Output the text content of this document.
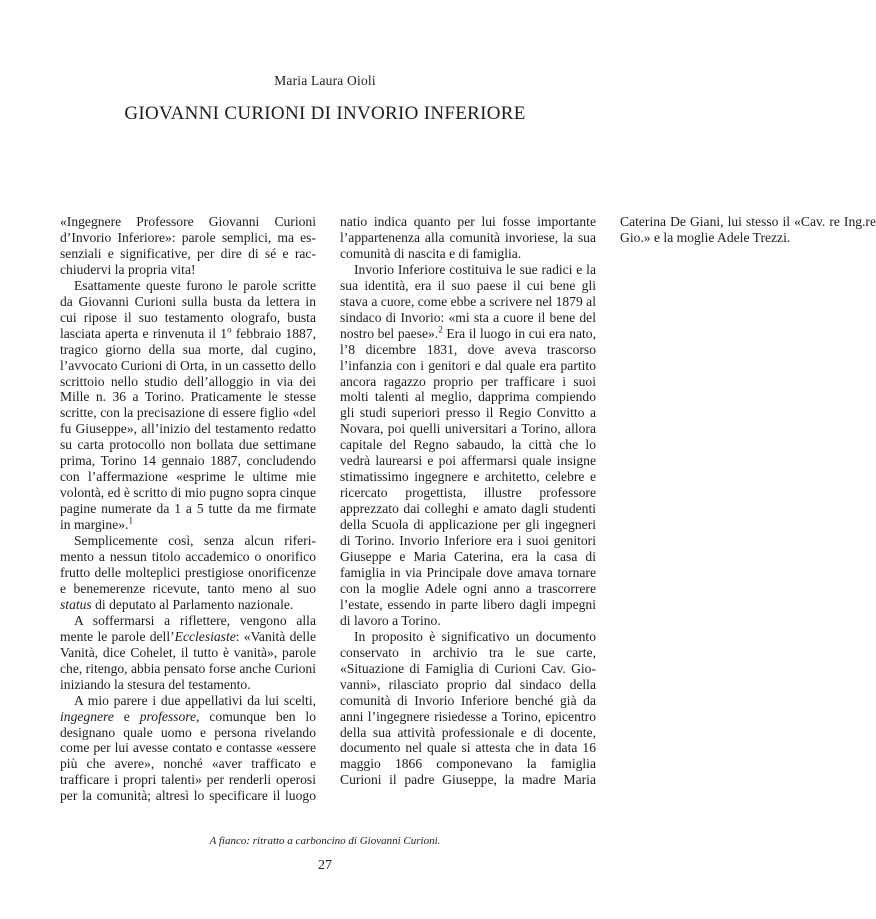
Maria Laura Oioli
GIOVANNI CURIONI DI INVORIO INFERIORE

«Ingegnere Professore Giovanni Curioni d’Invorio Inferiore»: parole semplici, ma essenziali e significative, per dire di sé e racchiudervi la propria vita!

Esattamente queste furono le parole scritte da Giovanni Curioni sulla busta da lettera in cui ripose il suo testamento olografo, busta lasciata aperta e rinvenuta il 1$^o$ febbraio 1887, tragico giorno della sua morte, dal cugino, l’avvocato Curioni di Orta, in un cassetto dello scrittoio nello studio dell’alloggio in via dei Mille n. 36 a Torino. Praticamente le stesse scritte, con la precisazione di essere figlio «del fu Giuseppe», all’inizio del testamento redatto su carta protocollo non bollata due settimane prima, Torino 14 gennaio 1887, concludendo con l’affermazione «esprime le ultime mie volontà, ed è scritto di mio pugno sopra cinque pagine numerate da 1 a 5 tutte da me firmate in margine».$^1$

Semplicemente così, senza alcun riferimento a nessun titolo accademico o onorifico frutto delle molteplici prestigiose onorificenze e benemerenze ricevute, tanto meno al suo status di deputato al Parlamento nazionale.

A soffermarsi a riflettere, vengono alla mente le parole dell’Ecclesiaste: «Vanità delle Vanità, dice Cohelet, il tutto è vanità», parole che, ritengo, abbia pensato forse anche Curioni iniziando la stesura del testamento.

A mio parere i due appellativi da lui scelti, ingegnere e professore, comunque ben lo designano quale uomo e persona rivelando come per lui avesse contato e contasse «essere più che avere», nonché «aver trafficato e trafficare i propri talenti» per renderli operosi per la comunità; altresì lo specificare il luogo natio indica quanto per lui fosse importante l’appartenenza alla comunità invoriese, la sua comunità di nascita e di famiglia.

Invorio Inferiore costituiva le sue radici e la sua identità, era il suo paese il cui bene gli stava a cuore, come ebbe a scrivere nel 1879 al sindaco di Invorio: «mi sta a cuore il bene del nostro bel paese».$^2$ Era il luogo in cui era nato, l’8 dicembre 1831, dove aveva trascorso l’infanzia con i genitori e dal quale era partito ancora ragazzo proprio per trafficare i suoi molti talenti al meglio, dapprima compiendo gli studi superiori presso il Regio Convitto a Novara, poi quelli universitari a Torino, allora capitale del Regno sabaudo, la città che lo vedrà laurearsi e poi affermarsi quale insigne stimatissimo ingegnere e architetto, celebre e ricercato progettista, illustre professore apprezzato dai colleghi e amato dagli studenti della Scuola di applicazione per gli ingegneri di Torino. Invorio Inferiore era i suoi genitori Giuseppe e Maria Caterina, era la casa di famiglia in via Principale dove amava tornare con la moglie Adele ogni anno a trascorrere l’estate, essendo in parte libero dagli impegni di lavoro a Torino.

In proposito è significativo un documento conservato in archivio tra le sue carte, «Situazione di Famiglia di Curioni Cav. Giovanni», rilasciato proprio dal sindaco della comunità di Invorio Inferiore benché già da anni l’ingegnere risiedesse a Torino, epicentro della sua attività professionale e di docente, documento nel quale si attesta che in data 16 maggio 1866 componevano la famiglia Curioni il padre Giuseppe, la madre Maria Caterina De Giani, lui stesso il «Cav. re Ing.re Gio.» e la moglie Adele Trezzi.

A fianco: ritratto a carboncino di Giovanni Curioni.
27
